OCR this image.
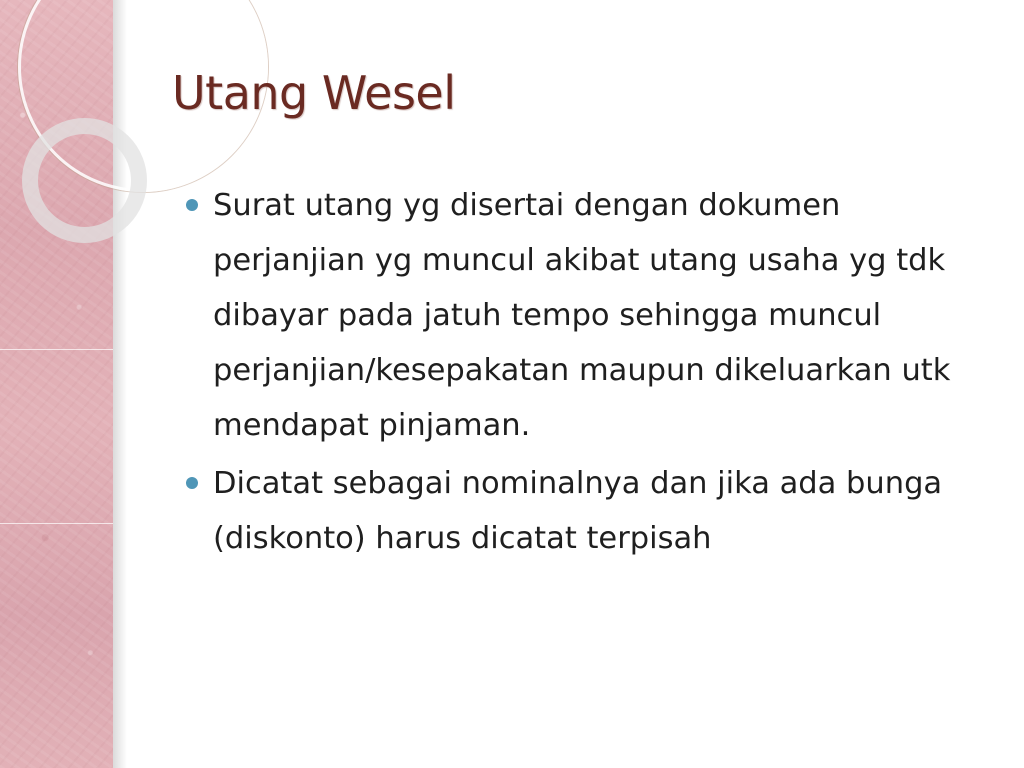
Utang Wesel
Surat utang yg disertai dengan dokumen perjanjian yg muncul akibat utang usaha yg tdk dibayar pada jatuh tempo sehingga muncul perjanjian/kesepakatan maupun dikeluarkan utk mendapat pinjaman.
Dicatat sebagai nominalnya dan jika ada bunga (diskonto) harus dicatat terpisah
